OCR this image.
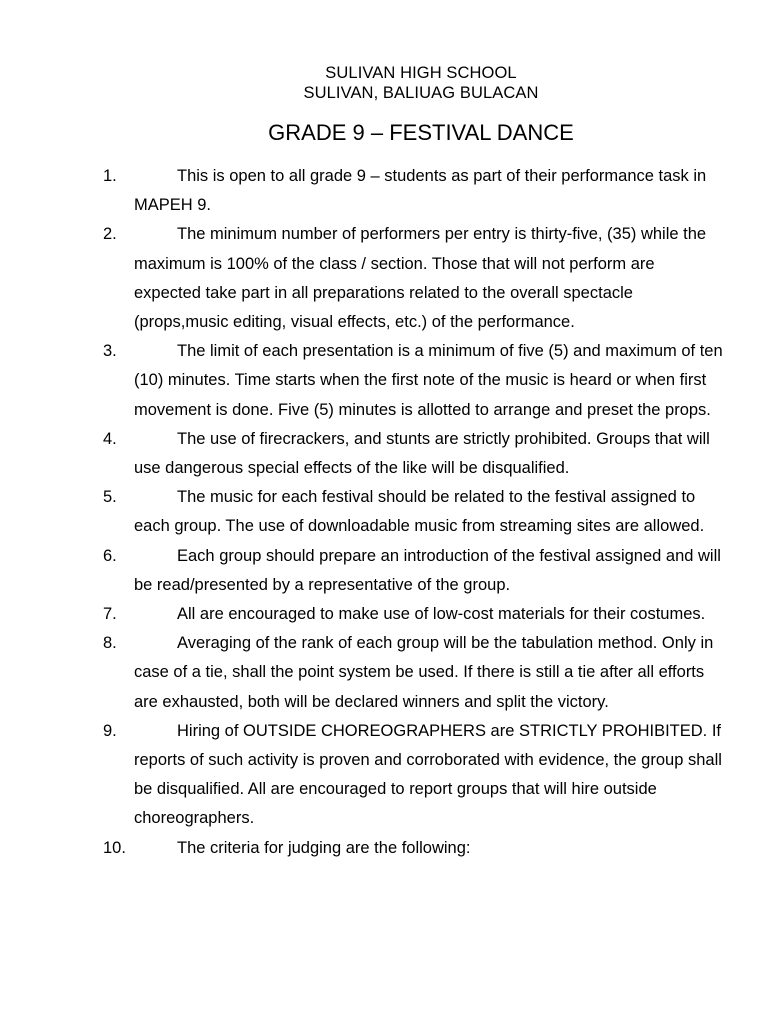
SULIVAN HIGH SCHOOL
SULIVAN, BALIUAG BULACAN
GRADE 9 – FESTIVAL DANCE
1.	This is open to all grade 9 – students as part of their performance task in MAPEH 9.
2.	The minimum number of performers per entry is thirty-five, (35) while the maximum is 100% of the class / section. Those that will not perform are expected take part in all preparations related to the overall spectacle (props,music editing, visual effects, etc.) of the performance.
3.	The limit of each presentation is a minimum of five (5) and maximum of ten (10) minutes. Time starts when the first note of the music is heard or when first movement is done. Five (5) minutes is allotted to arrange and preset the props.
4.	The use of firecrackers, and stunts are strictly prohibited. Groups that will use dangerous special effects of the like will be disqualified.
5.	The music for each festival should be related to the festival assigned to each group. The use of downloadable music from streaming sites are allowed.
6.	Each group should prepare an introduction of the festival assigned and will be read/presented by a representative of the group.
7.	All are encouraged to make use of low-cost materials for their costumes.
8.	Averaging of the rank of each group will be the tabulation method. Only in case of a tie, shall the point system be used. If there is still a tie after all efforts are exhausted, both will be declared winners and split the victory.
9.	Hiring of OUTSIDE CHOREOGRAPHERS are STRICTLY PROHIBITED. If reports of such activity is proven and corroborated with evidence, the group shall be disqualified. All are encouraged to report groups that will hire outside choreographers.
10.	The criteria for judging are the following:
